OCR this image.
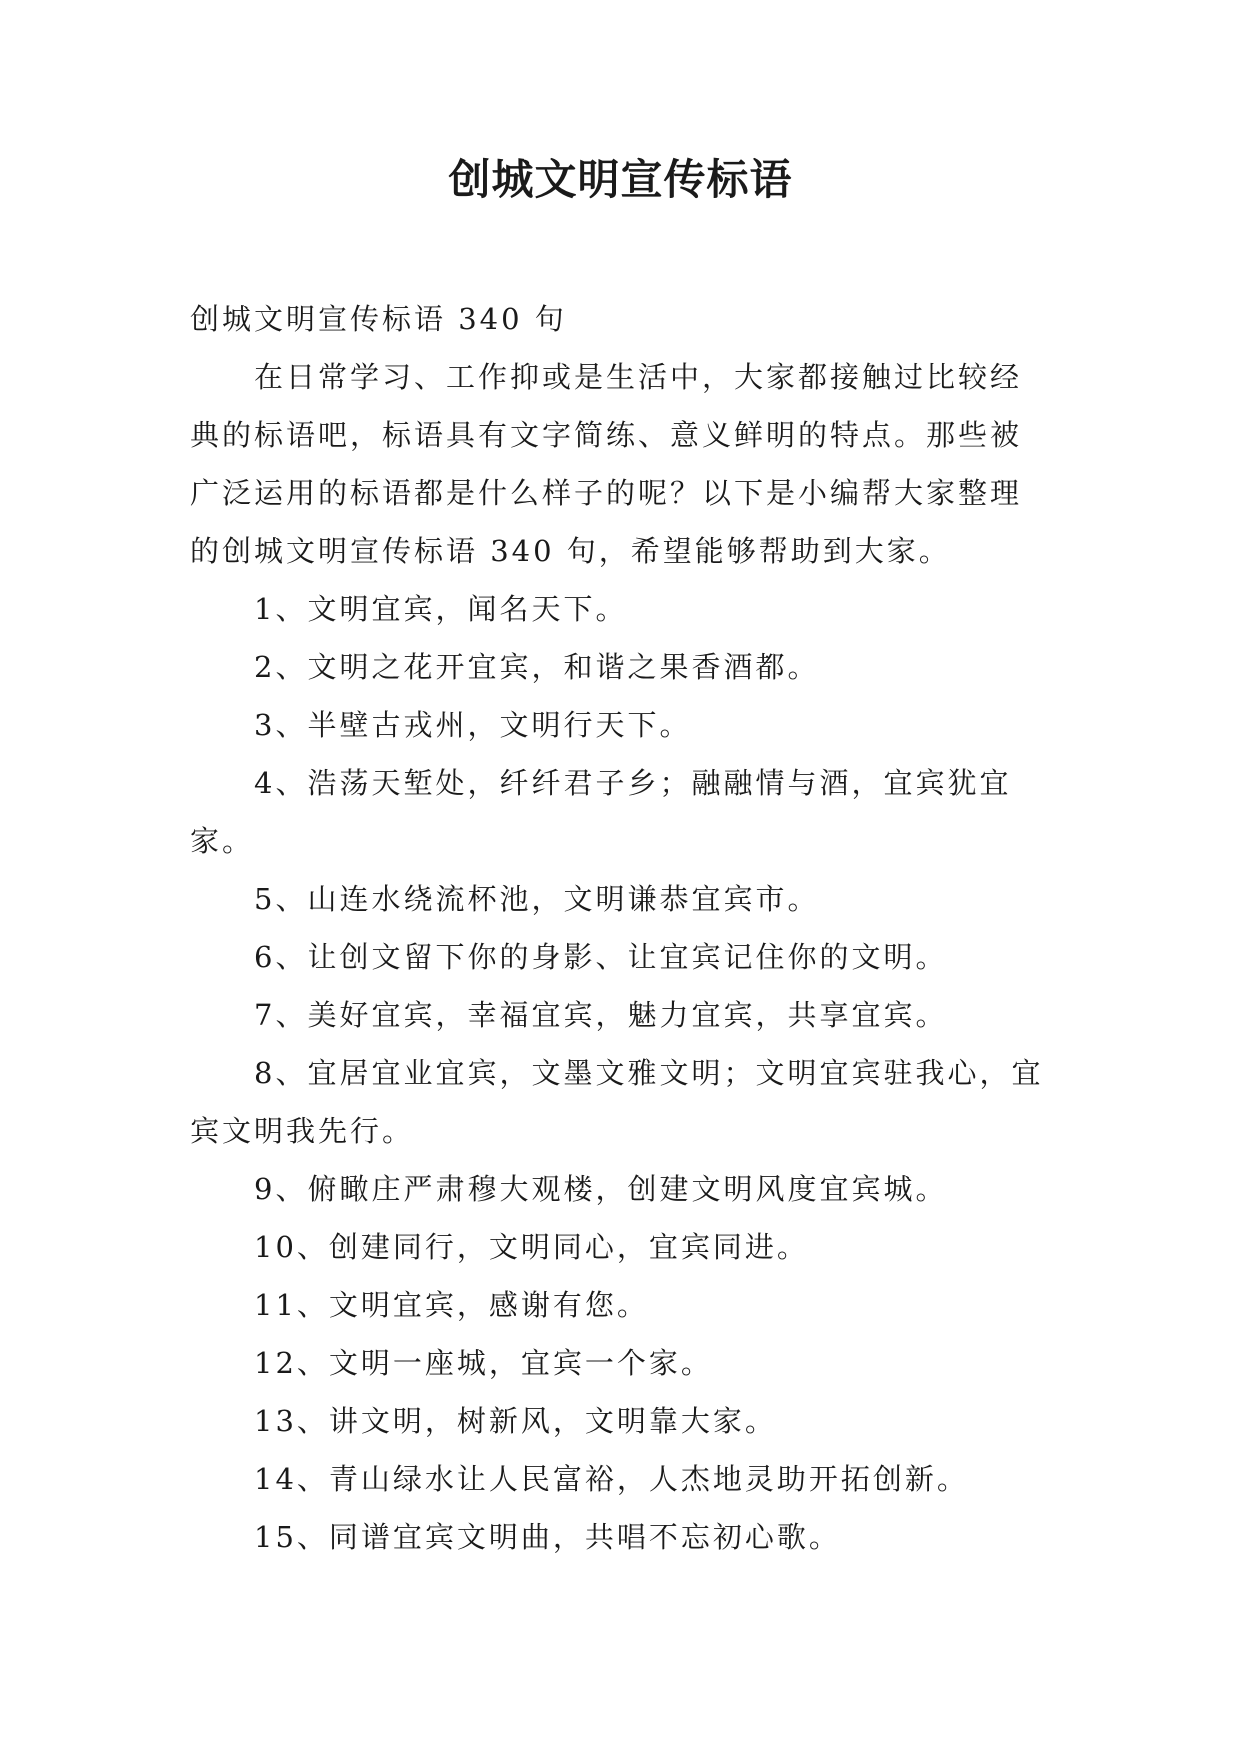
创城文明宣传标语

创城文明宣传标语 340 句

在日常学习、工作抑或是生活中，大家都接触过比较经典的标语吧，标语具有文字简练、意义鲜明的特点。那些被广泛运用的标语都是什么样子的呢？以下是小编帮大家整理的创城文明宣传标语 340 句，希望能够帮助到大家。

1、文明宜宾，闻名天下。

2、文明之花开宜宾，和谐之果香酒都。

3、半壁古戎州，文明行天下。

4、浩荡天堑处，纤纤君子乡；融融情与酒，宜宾犹宜家。

5、山连水绕流杯池，文明谦恭宜宾市。

6、让创文留下你的身影、让宜宾记住你的文明。

7、美好宜宾，幸福宜宾，魅力宜宾，共享宜宾。

8、宜居宜业宜宾，文墨文雅文明；文明宜宾驻我心，宜宾文明我先行。

9、俯瞰庄严肃穆大观楼，创建文明风度宜宾城。

10、创建同行，文明同心，宜宾同进。

11、文明宜宾，感谢有您。

12、文明一座城，宜宾一个家。

13、讲文明，树新风，文明靠大家。

14、青山绿水让人民富裕，人杰地灵助开拓创新。

15、同谱宜宾文明曲，共唱不忘初心歌。
